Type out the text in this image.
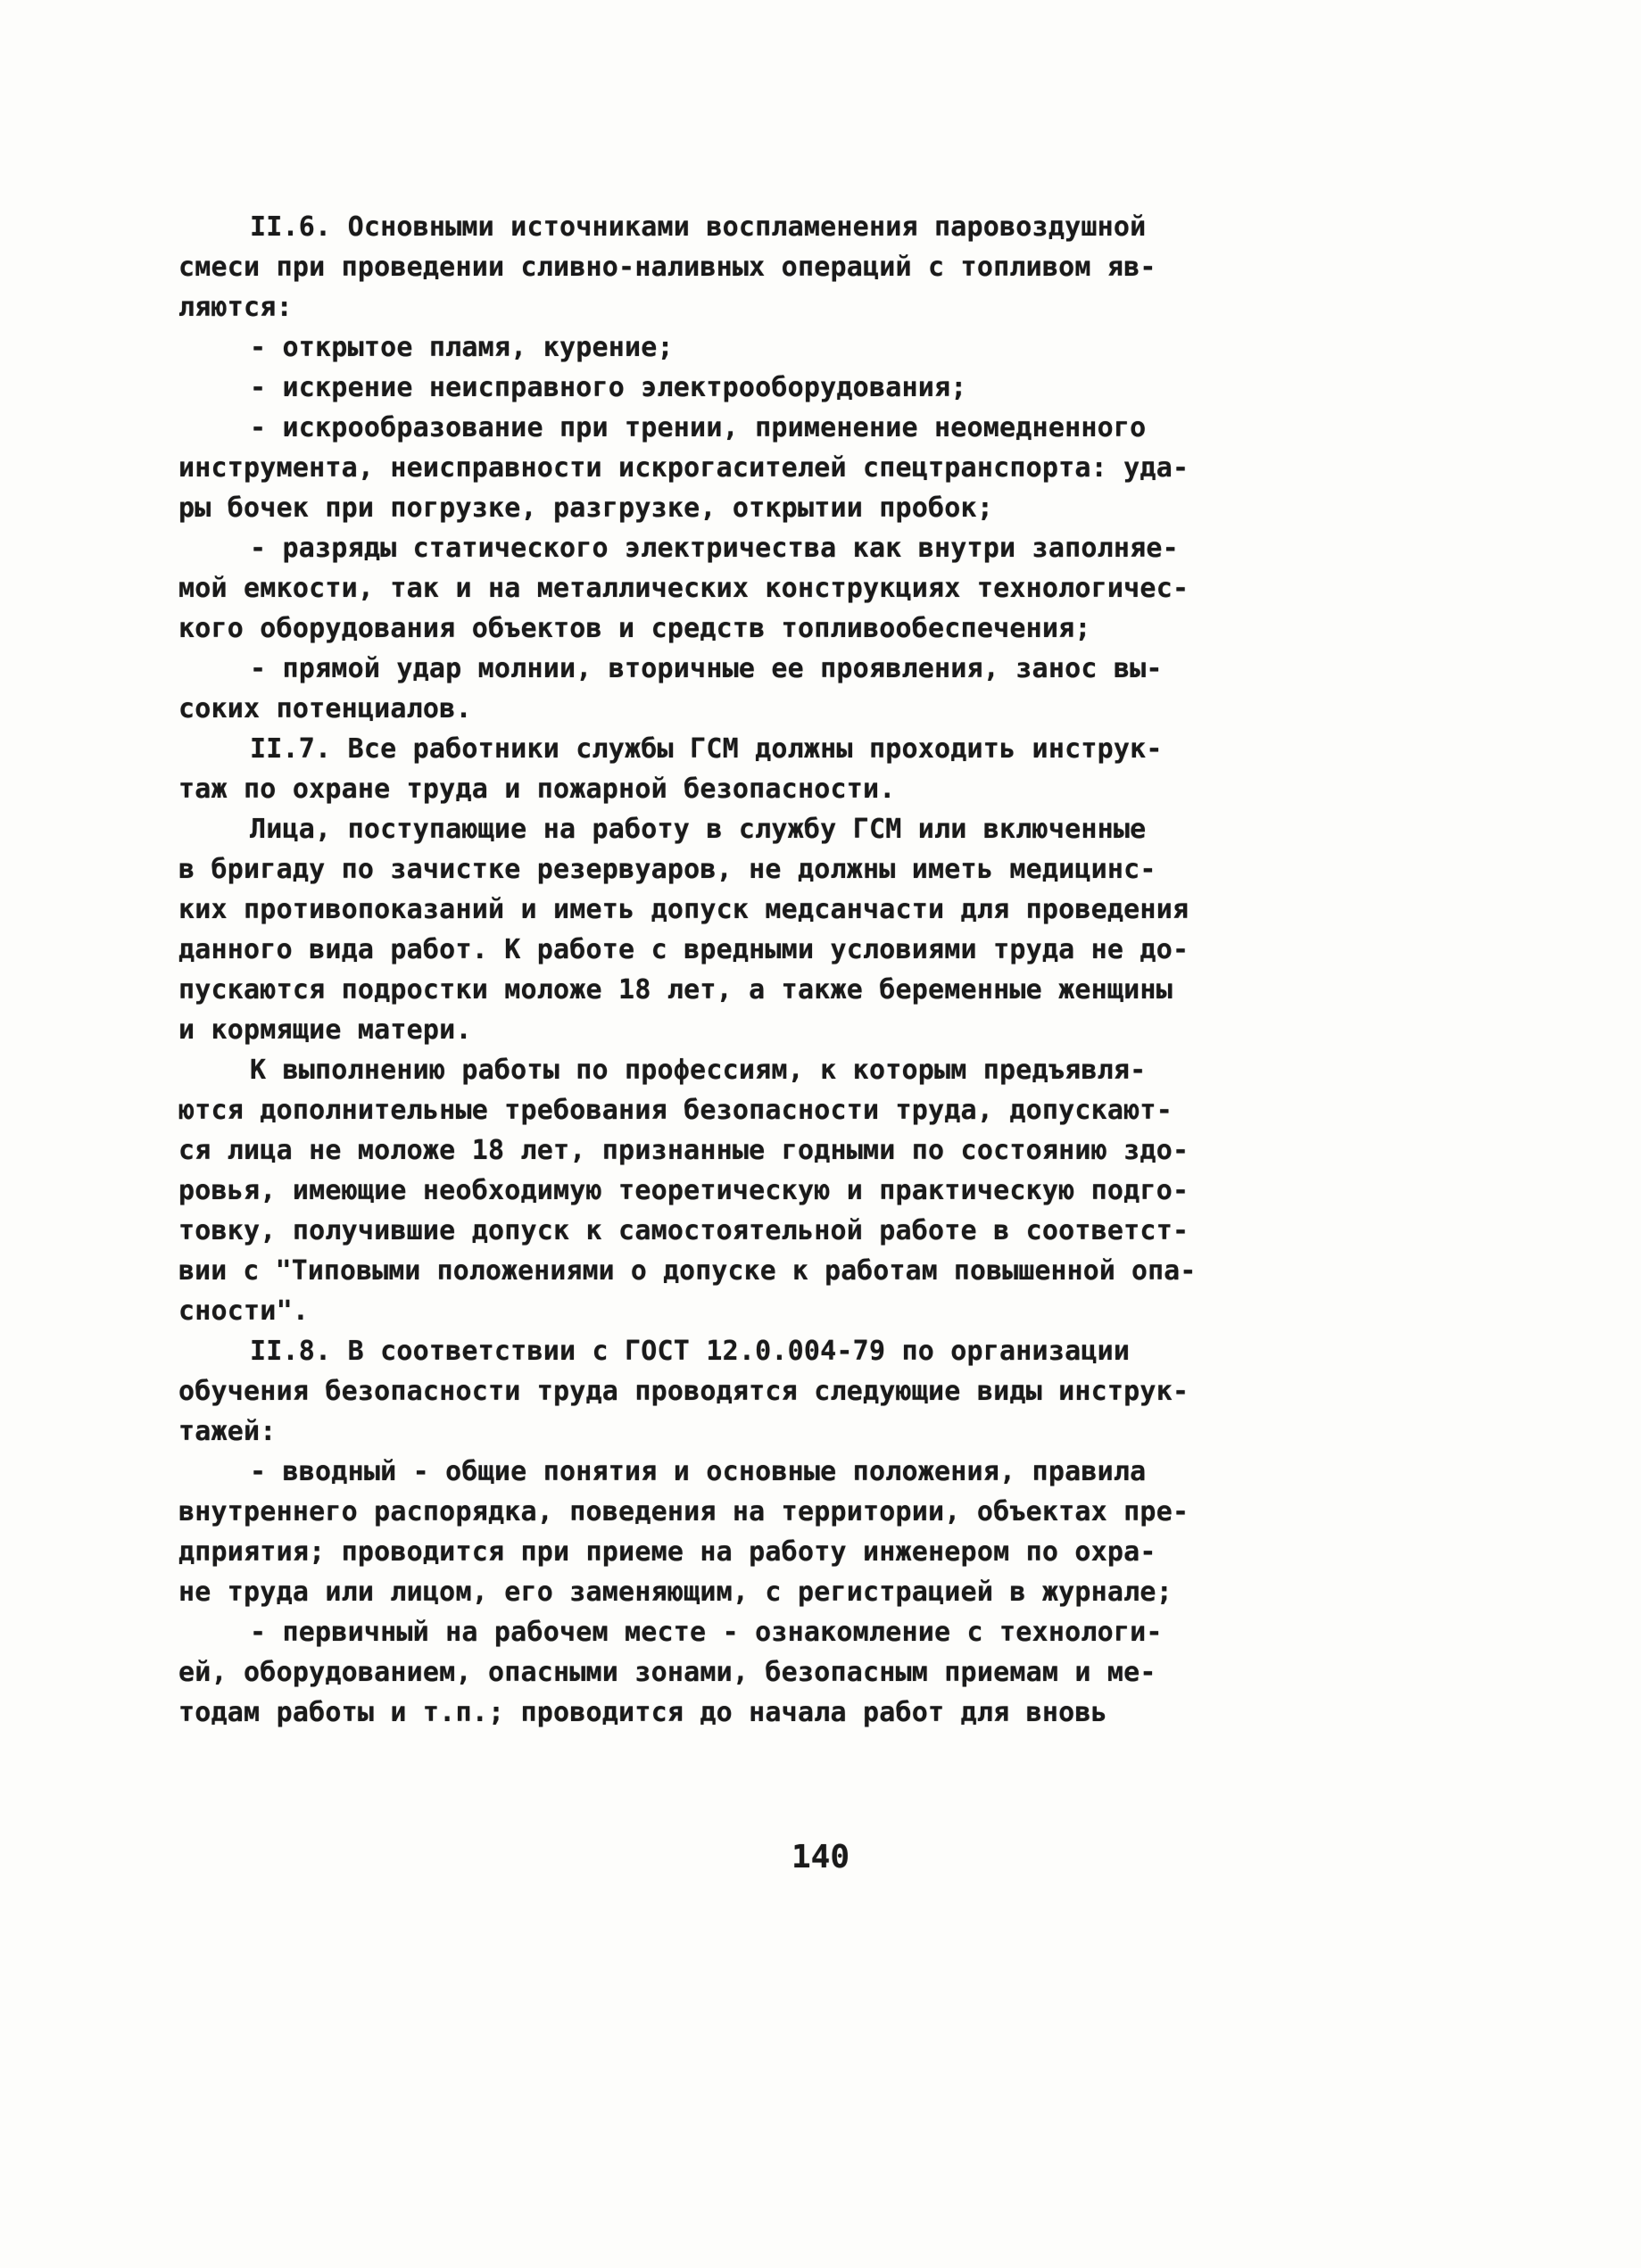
II.6. Основными источниками воспламенения паровоздушной
смеси при проведении сливно-наливных операций с топливом яв-
ляются:
- открытое пламя, курение;
- искрение неисправного электрооборудования;
- искрообразование при трении, применение неомедненного
инструмента, неисправности искрогасителей спецтранспорта: уда-
ры бочек при погрузке, разгрузке, открытии пробок;
- разряды статического электричества как внутри заполняе-
мой емкости, так и на металлических конструкциях технологичес-
кого оборудования объектов и средств топливообеспечения;
- прямой удар молнии, вторичные ее проявления, занос вы-
соких потенциалов.
II.7. Все работники службы ГСМ должны проходить инструк-
таж по охране труда и пожарной безопасности.
Лица, поступающие на работу в службу ГСМ или включенные
в бригаду по зачистке резервуаров, не должны иметь медицинс-
ких противопоказаний и иметь допуск медсанчасти для проведения
данного вида работ. К работе с вредными условиями труда не до-
пускаются подростки моложе 18 лет, а также беременные женщины
и кормящие матери.
К выполнению работы по профессиям, к которым предъявля-
ются дополнительные требования безопасности труда, допускают-
ся лица не моложе 18 лет, признанные годными по состоянию здо-
ровья, имеющие необходимую теоретическую и практическую подго-
товку, получившие допуск к самостоятельной работе в соответст-
вии с "Типовыми положениями о допуске к работам повышенной опа-
сности".
II.8. В соответствии с ГОСТ 12.0.004-79 по организации
обучения безопасности труда проводятся следующие виды инструк-
тажей:
- вводный - общие понятия и основные положения, правила
внутреннего распорядка, поведения на территории, объектах пре-
дприятия; проводится при приеме на работу инженером по охра-
не труда или лицом, его заменяющим, с регистрацией в журнале;
- первичный на рабочем месте - ознакомление с технологи-
ей, оборудованием, опасными зонами, безопасным приемам и ме-
тодам работы и т.п.; проводится до начала работ для вновь
140
